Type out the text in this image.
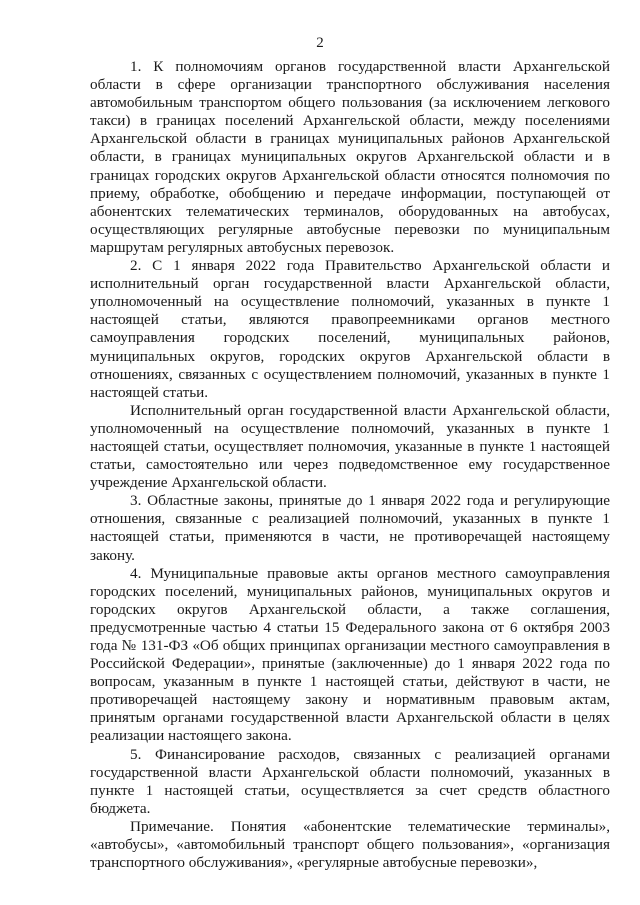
2

1. К полномочиям органов государственной власти Архангельской области в сфере организации транспортного обслуживания населения автомобильным транспортом общего пользования (за исключением легкового такси) в границах поселений Архангельской области, между поселениями Архангельской области в границах муниципальных районов Архангельской области, в границах муниципальных округов Архангельской области и в границах городских округов Архангельской области относятся полномочия по приему, обработке, обобщению и передаче информации, поступающей от абонентских телематических терминалов, оборудованных на автобусах, осуществляющих регулярные автобусные перевозки по муниципальным маршрутам регулярных автобусных перевозок.

2. С 1 января 2022 года Правительство Архангельской области и исполнительный орган государственной власти Архангельской области, уполномоченный на осуществление полномочий, указанных в пункте 1 настоящей статьи, являются правопреемниками органов местного самоуправления городских поселений, муниципальных районов, муниципальных округов, городских округов Архангельской области в отношениях, связанных с осуществлением полномочий, указанных в пункте 1 настоящей статьи.

Исполнительный орган государственной власти Архангельской области, уполномоченный на осуществление полномочий, указанных в пункте 1 настоящей статьи, осуществляет полномочия, указанные в пункте 1 настоящей статьи, самостоятельно или через подведомственное ему государственное учреждение Архангельской области.

3. Областные законы, принятые до 1 января 2022 года и регулирующие отношения, связанные с реализацией полномочий, указанных в пункте 1 настоящей статьи, применяются в части, не противоречащей настоящему закону.

4. Муниципальные правовые акты органов местного самоуправления городских поселений, муниципальных районов, муниципальных округов и городских округов Архангельской области, а также соглашения, предусмотренные частью 4 статьи 15 Федерального закона от 6 октября 2003 года № 131-ФЗ «Об общих принципах организации местного самоуправления в Российской Федерации», принятые (заключенные) до 1 января 2022 года по вопросам, указанным в пункте 1 настоящей статьи, действуют в части, не противоречащей настоящему закону и нормативным правовым актам, принятым органами государственной власти Архангельской области в целях реализации настоящего закона.

5. Финансирование расходов, связанных с реализацией органами государственной власти Архангельской области полномочий, указанных в пункте 1 настоящей статьи, осуществляется за счет средств областного бюджета.

Примечание. Понятия «абонентские телематические терминалы», «автобусы», «автомобильный транспорт общего пользования», «организация транспортного обслуживания», «регулярные автобусные перевозки»,
